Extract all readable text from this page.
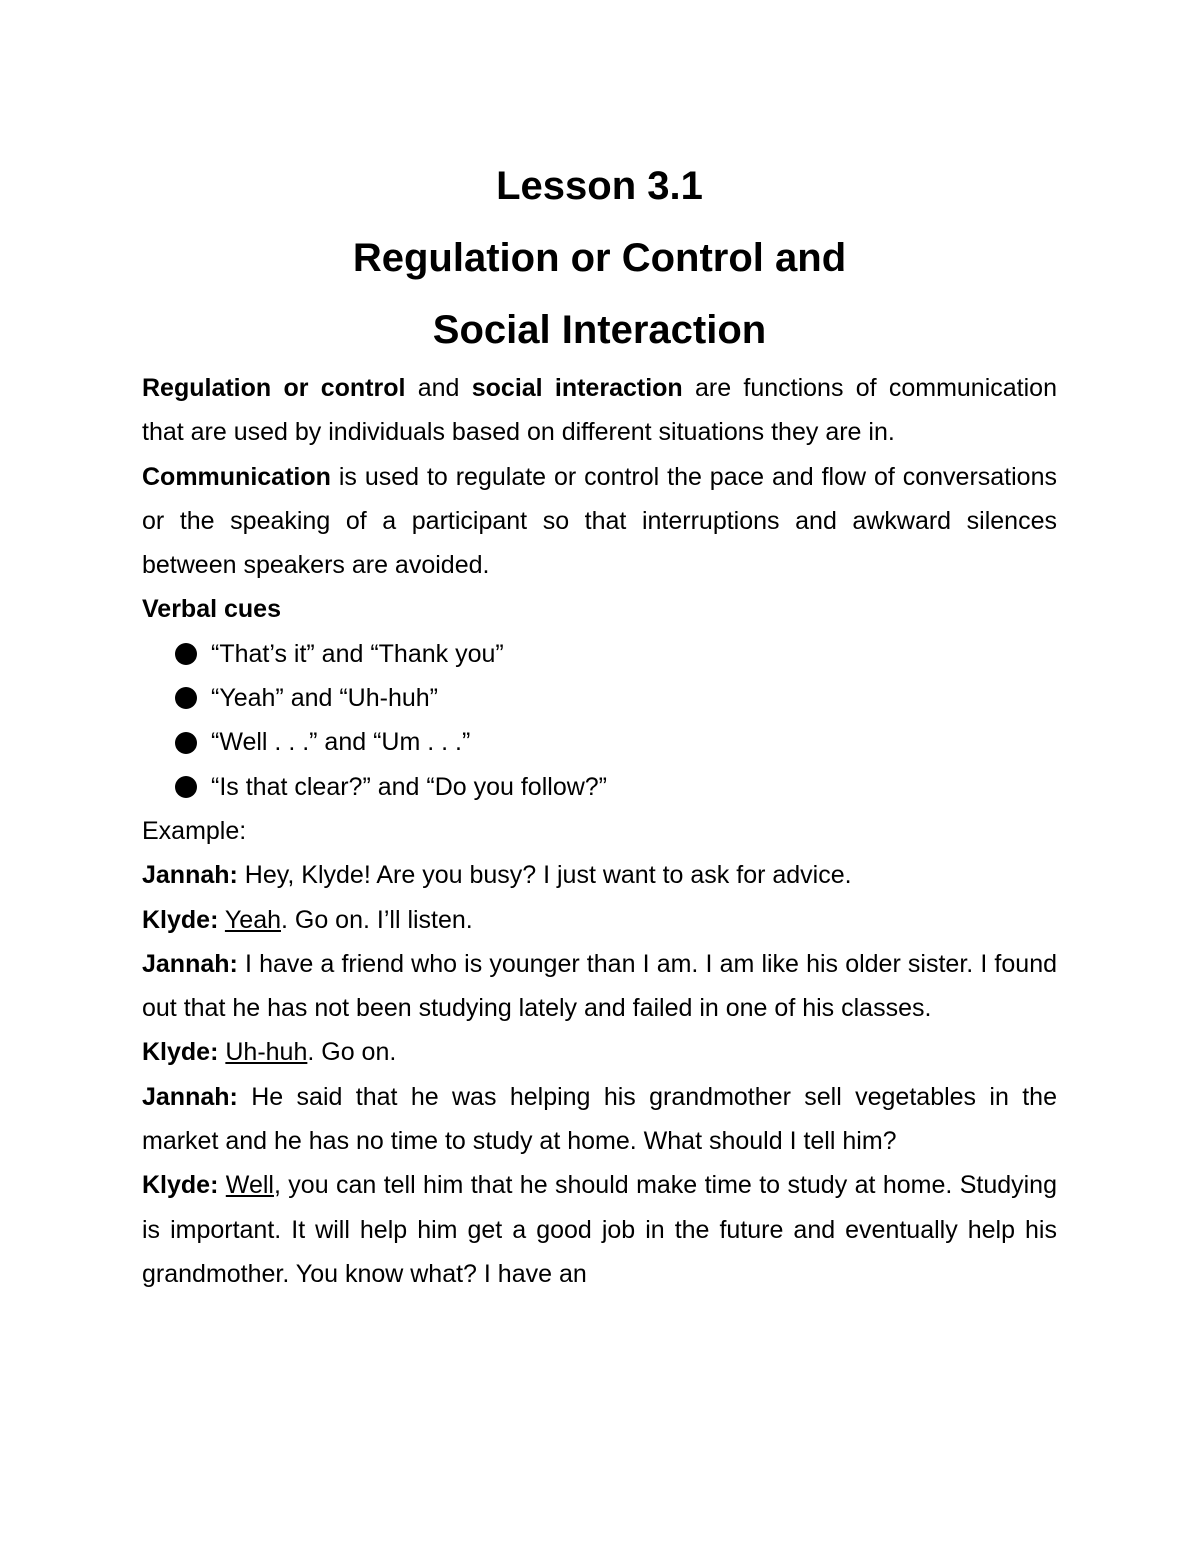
Lesson 3.1
Regulation or Control and
Social Interaction

Regulation or control and social interaction are functions of communication that are used by individuals based on different situations they are in.

Communication is used to regulate or control the pace and flow of conversations or the speaking of a participant so that interruptions and awkward silences between speakers are avoided.

Verbal cues

“That’s it” and “Thank you”
“Yeah” and “Uh-huh”
“Well . . .” and “Um . . .”
“Is that clear?” and “Do you follow?”

Example:

Jannah: Hey, Klyde! Are you busy? I just want to ask for advice.

Klyde: Yeah. Go on. I’ll listen.

Jannah: I have a friend who is younger than I am. I am like his older sister. I found out that he has not been studying lately and failed in one of his classes.

Klyde: Uh-huh. Go on.

Jannah: He said that he was helping his grandmother sell vegetables in the market and he has no time to study at home. What should I tell him?

Klyde: Well, you can tell him that he should make time to study at home. Studying is important. It will help him get a good job in the future and eventually help his grandmother. You know what? I have an
